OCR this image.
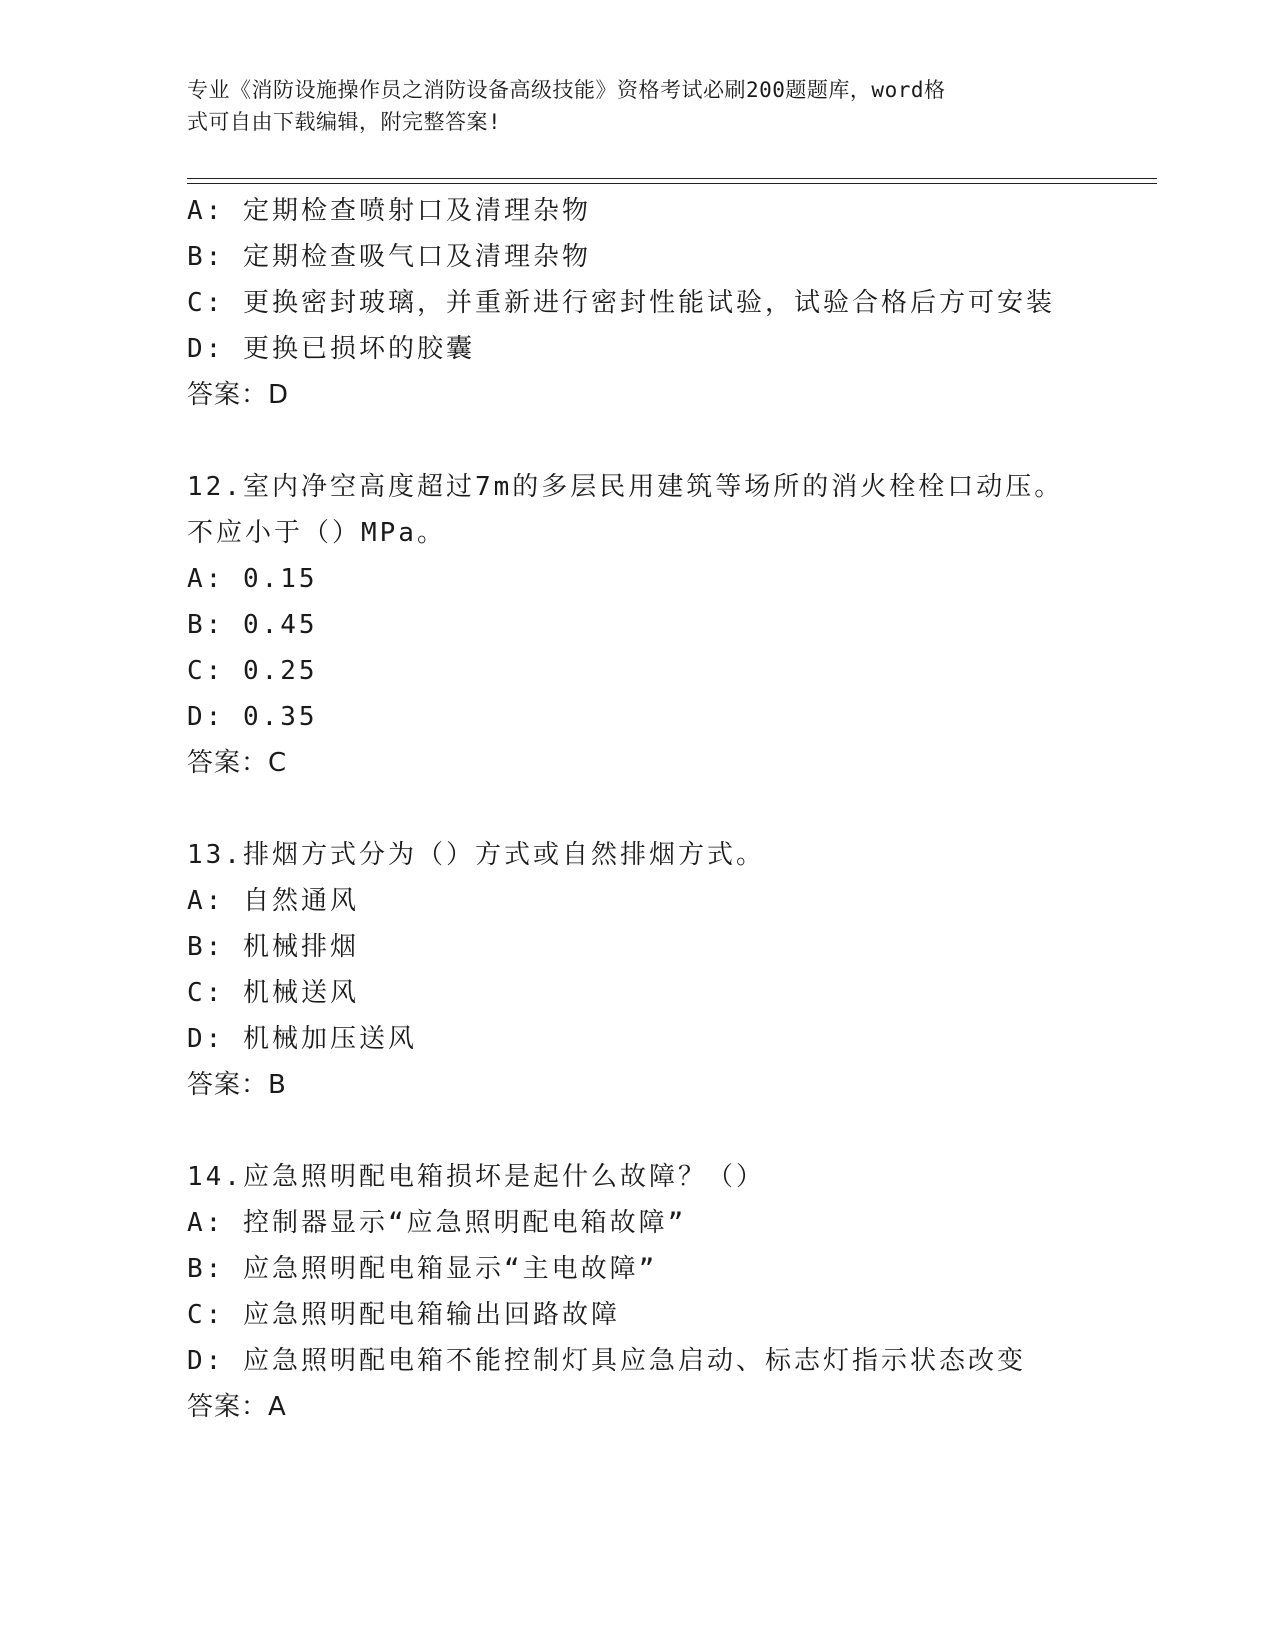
专业《消防设施操作员之消防设备高级技能》资格考试必刷200题题库，word格
式可自由下载编辑，附完整答案!
A: 定期检查喷射口及清理杂物
B: 定期检查吸气口及清理杂物
C: 更换密封玻璃，并重新进行密封性能试验，试验合格后方可安装
D: 更换已损坏的胶囊
答案：D
12.室内净空高度超过7m的多层民用建筑等场所的消火栓栓口动压。
不应小于（）MPa。
A: 0.15
B: 0.45
C: 0.25
D: 0.35
答案：C
13.排烟方式分为（）方式或自然排烟方式。
A: 自然通风
B: 机械排烟
C: 机械送风
D: 机械加压送风
答案：B
14.应急照明配电箱损坏是起什么故障？（）
A: 控制器显示“应急照明配电箱故障”
B: 应急照明配电箱显示“主电故障”
C: 应急照明配电箱输出回路故障
D: 应急照明配电箱不能控制灯具应急启动、标志灯指示状态改变
答案：A
